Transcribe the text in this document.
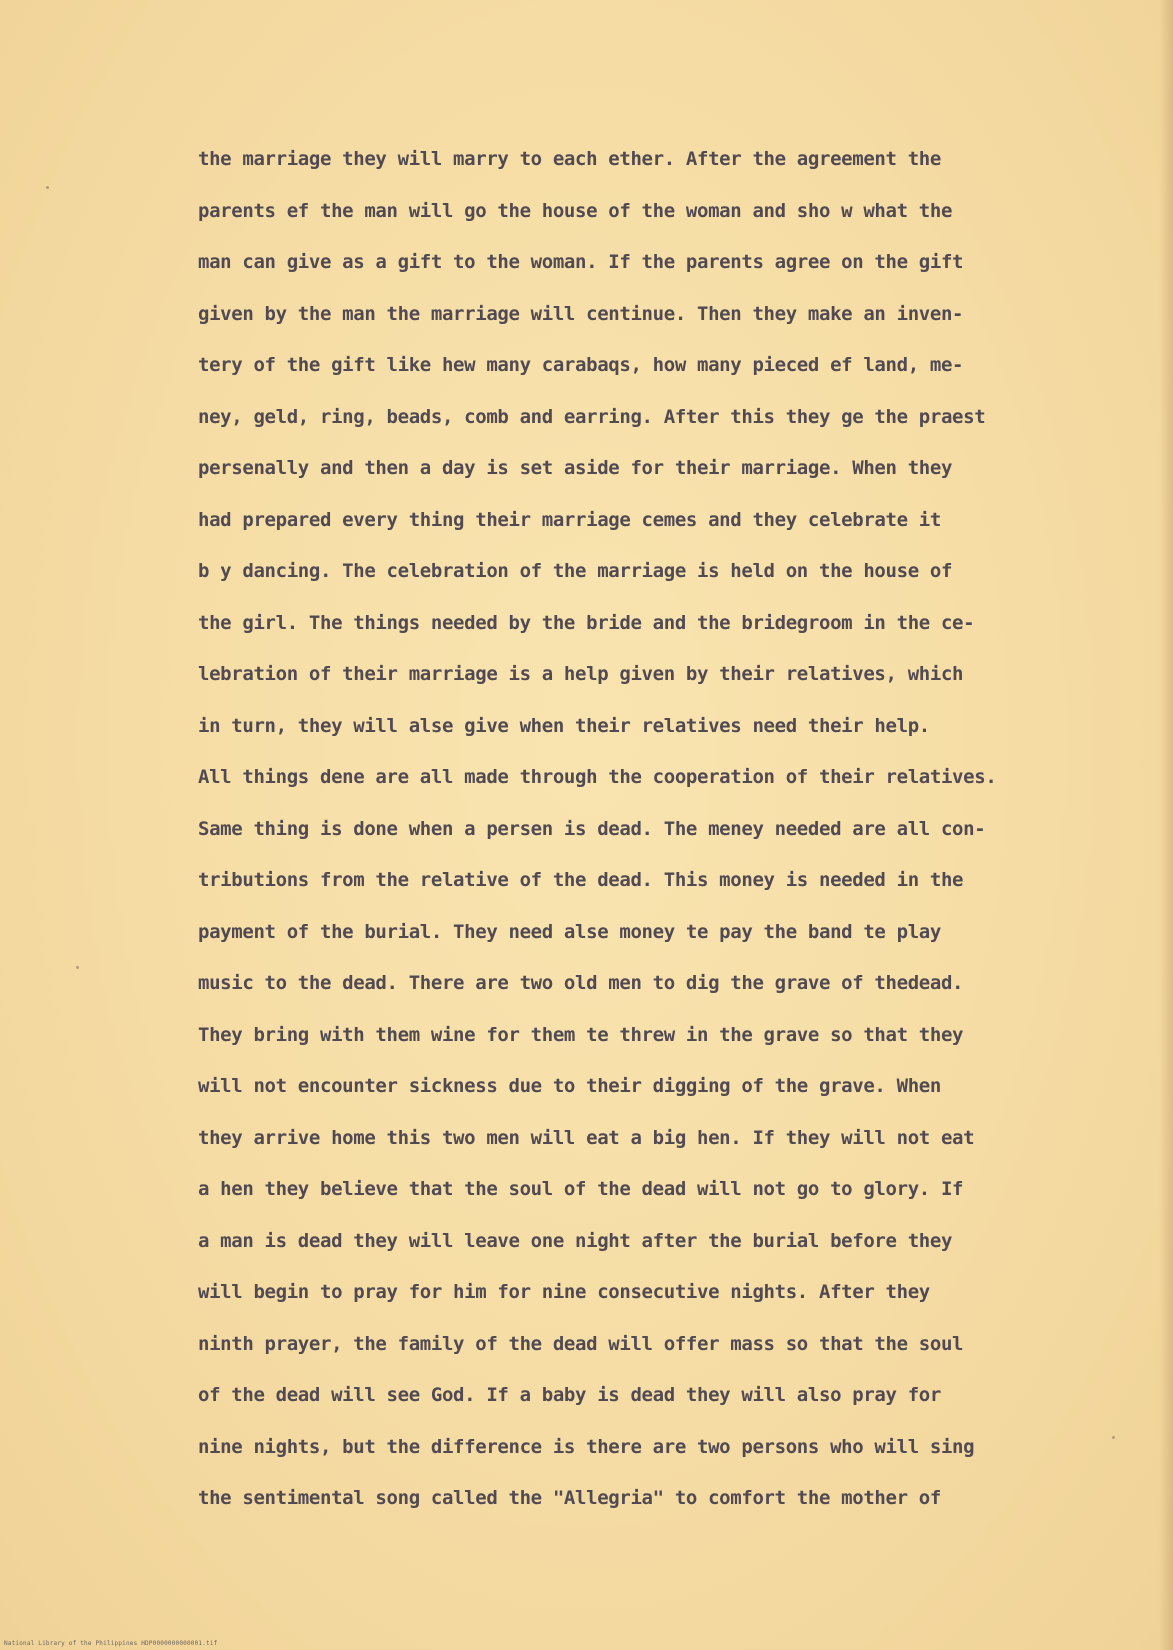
the marriage they will marry to each ether. After the agreement the
parents ef the man will go the house of the woman and sho w what the
man can give as a gift to the woman. If the parents agree on the gift
given by the man the marriage will centinue. Then they make an inven-
tery of the gift like hew many carabaqs, how many pieced ef land, me-
ney, geld, ring, beads, comb and earring. After this they ge the praest
persenally and then a day is set aside for their marriage. When they
had prepared every thing their marriage cemes and they celebrate it
b y dancing. The celebration of the marriage is held on the house of
the girl. The things needed by the bride and the bridegroom in the ce-
lebration of their marriage is a help given by their relatives, which
in turn, they will alse give when their relatives need their help.
All things dene are all made through the cooperation of their relatives.
Same thing is done when a persen is dead. The meney needed are all con-
tributions from the relative of the dead. This money is needed in the
payment of the burial. They need alse money te pay the band te play
music to the dead. There are two old men to dig the grave of thedead.
They bring with them wine for them te threw in the grave so that they
will not encounter sickness due to their digging of the grave. When
they arrive home this two men will eat a big hen. If they will not eat
a hen they believe that the soul of the dead will not go to glory. If
a man is dead they will leave one night after the burial before they
will begin to pray for him for nine consecutive nights. After they
ninth prayer, the family of the dead will offer mass so that the soul
of the dead will see God. If a baby is dead they will also pray for
nine nights, but the difference is there are two persons who will sing
the sentimental song called the "Allegria" to comfort the mother of
National Library of the Philippines HDP0000000000001.tif
